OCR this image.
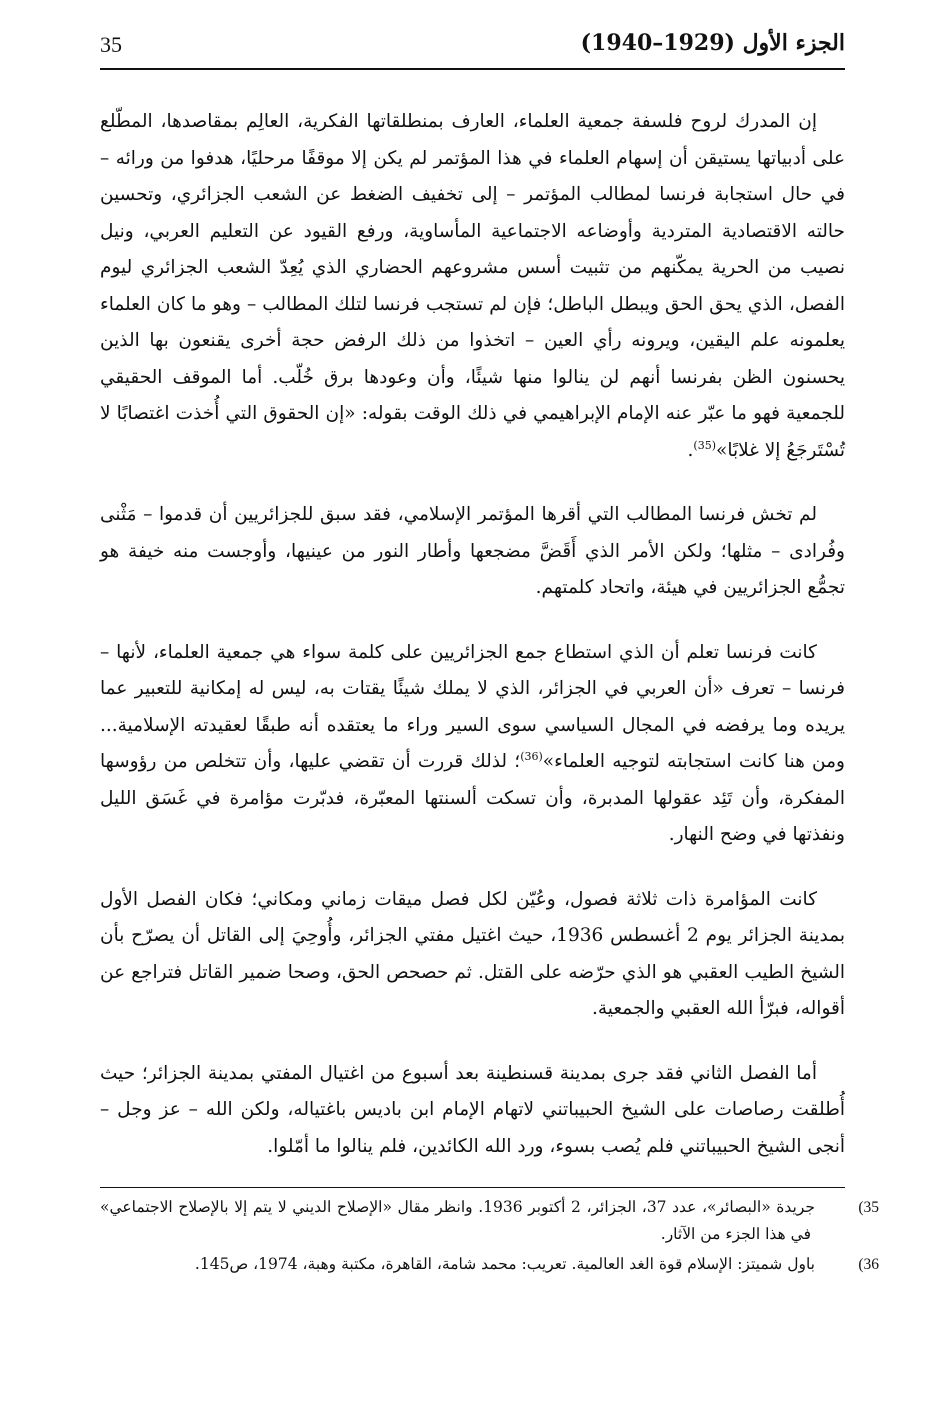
35	الجزء الأول (1929–1940)

إن المدرك لروح فلسفة جمعية العلماء، العارف بمنطلقاتها الفكرية، العالِم بمقاصدها، المطّلع على أدبياتها يستيقن أن إسهام العلماء في هذا المؤتمر لم يكن إلا موقفًا مرحليًا، هدفوا من ورائه – في حال استجابة فرنسا لمطالب المؤتمر – إلى تخفيف الضغط عن الشعب الجزائري، وتحسين حالته الاقتصادية المتردية وأوضاعه الاجتماعية المأساوية، ورفع القيود عن التعليم العربي، ونيل نصيب من الحرية يمكّنهم من تثبيت أسس مشروعهم الحضاري الذي يُعِدّ الشعب الجزائري ليوم الفصل، الذي يحق الحق ويبطل الباطل؛ فإن لم تستجب فرنسا لتلك المطالب – وهو ما كان العلماء يعلمونه علم اليقين، ويرونه رأي العين – اتخذوا من ذلك الرفض حجة أخرى يقنعون بها الذين يحسنون الظن بفرنسا أنهم لن ينالوا منها شيئًا، وأن وعودها برق خُلّب. أما الموقف الحقيقي للجمعية فهو ما عبّر عنه الإمام الإبراهيمي في ذلك الوقت بقوله: «إن الحقوق التي أُخذت اغتصابًا لا تُسْتَرجَعُ إلا غلابًا»$^{(35)}$.

لم تخش فرنسا المطالب التي أقرها المؤتمر الإسلامي، فقد سبق للجزائريين أن قدموا – مَثْنى وفُرادى – مثلها؛ ولكن الأمر الذي أَقَضَّ مضجعها وأطار النور من عينيها، وأوجست منه خيفة هو تجمُّع الجزائريين في هيئة، واتحاد كلمتهم.

كانت فرنسا تعلم أن الذي استطاع جمع الجزائريين على كلمة سواء هي جمعية العلماء، لأنها – فرنسا – تعرف «أن العربي في الجزائر، الذي لا يملك شيئًا يقتات به، ليس له إمكانية للتعبير عما يريده وما يرفضه في المجال السياسي سوى السير وراء ما يعتقده أنه طبقًا لعقيدته الإسلامية... ومن هنا كانت استجابته لتوجيه العلماء»$^{(36)}$؛ لذلك قررت أن تقضي عليها، وأن تتخلص من رؤوسها المفكرة، وأن تَئِد عقولها المدبرة، وأن تسكت ألسنتها المعبّرة، فدبّرت مؤامرة في غَسَق الليل ونفذتها في وضح النهار.

كانت المؤامرة ذات ثلاثة فصول، وعُيّن لكل فصل ميقات زماني ومكاني؛ فكان الفصل الأول بمدينة الجزائر يوم 2 أغسطس 1936، حيث اغتيل مفتي الجزائر، وأُوحِيَ إلى القاتل أن يصرّح بأن الشيخ الطيب العقبي هو الذي حرّضه على القتل. ثم حصحص الحق، وصحا ضمير القاتل فتراجع عن أقواله، فبرّأ الله العقبي والجمعية.

أما الفصل الثاني فقد جرى بمدينة قسنطينة بعد أسبوع من اغتيال المفتي بمدينة الجزائر؛ حيث أُطلقت رصاصات على الشيخ الحبيباتني لاتهام الإمام ابن باديس باغتياله، ولكن الله – عز وجل – أنجى الشيخ الحبيباتني فلم يُصب بسوء، ورد الله الكائدين، فلم ينالوا ما أمّلوا.

35)جريدة «البصائر»، عدد 37، الجزائر، 2 أكتوبر 1936. وانظر مقال «الإصلاح الديني لا يتم إلا بالإصلاح الاجتماعي» في هذا الجزء من الآثار.

36)باول شميتز: الإسلام قوة الغد العالمية. تعريب: محمد شامة، القاهرة، مكتبة وهبة، 1974، ص145.
